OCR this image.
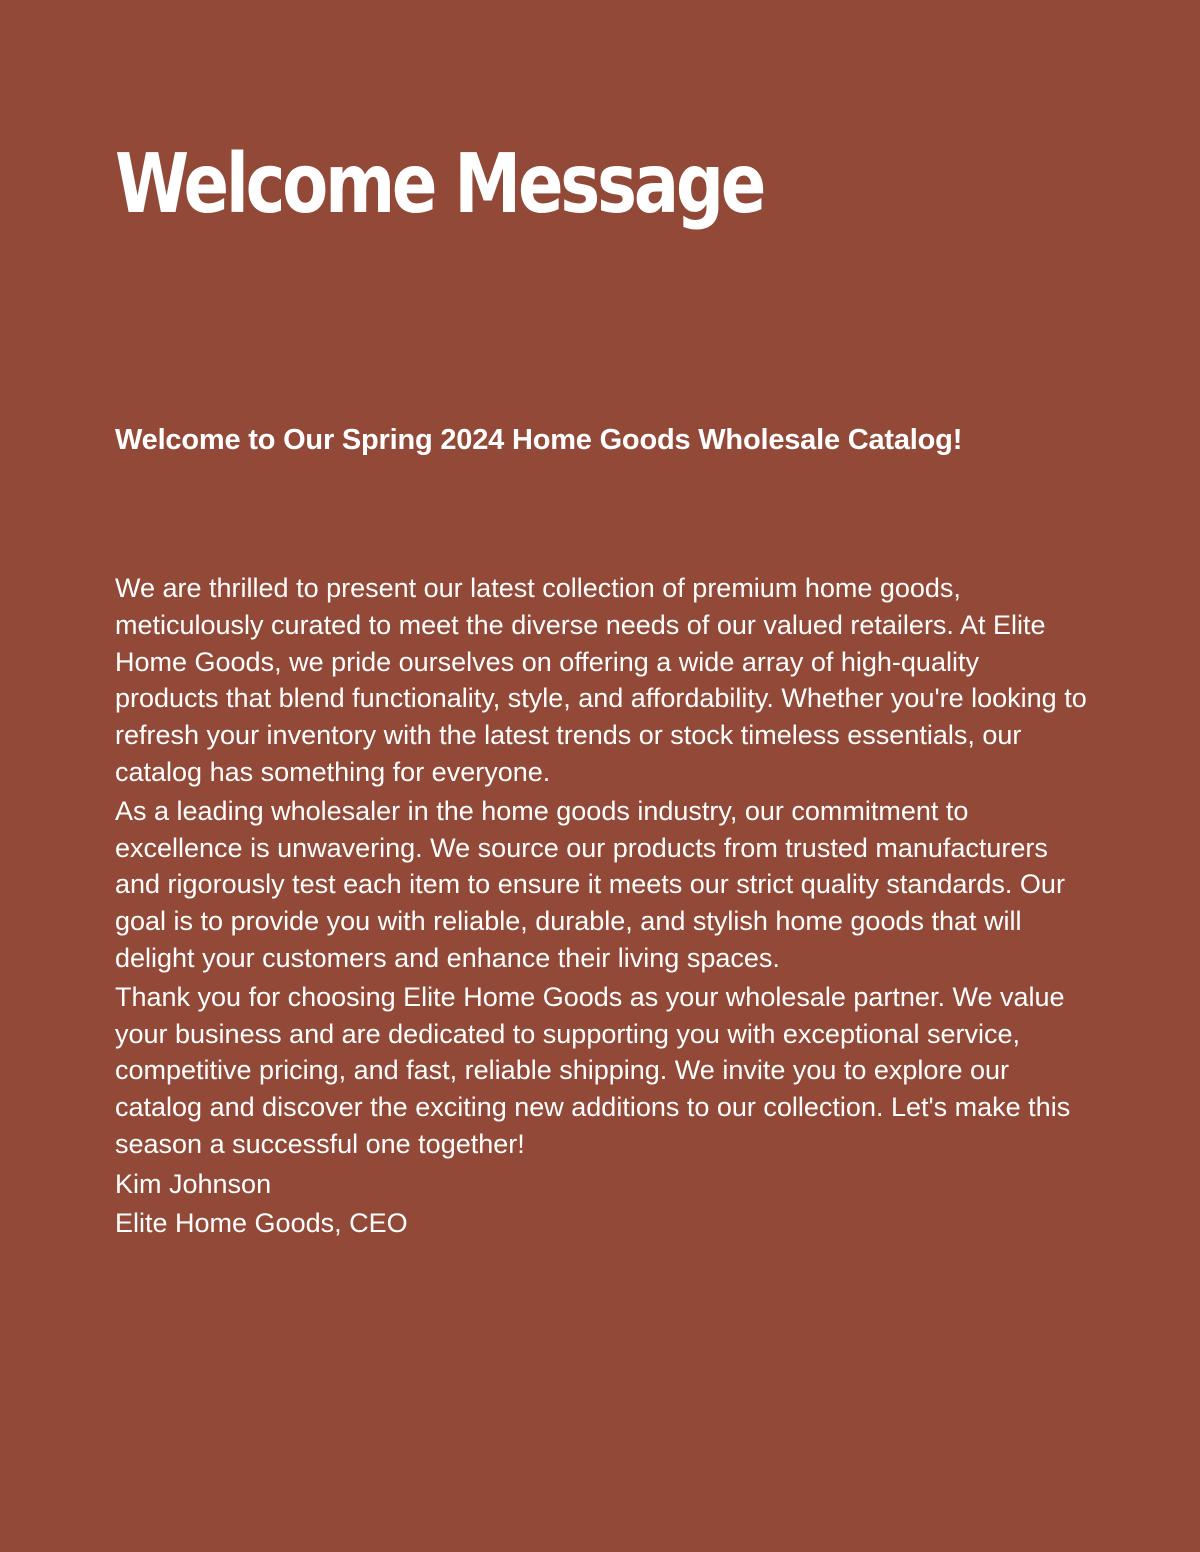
Welcome Message
Welcome to Our Spring 2024 Home Goods Wholesale Catalog!

We are thrilled to present our latest collection of premium home goods, meticulously curated to meet the diverse needs of our valued retailers. At Elite Home Goods, we pride ourselves on offering a wide array of high-quality products that blend functionality, style, and affordability. Whether you're looking to refresh your inventory with the latest trends or stock timeless essentials, our catalog has something for everyone.

As a leading wholesaler in the home goods industry, our commitment to excellence is unwavering. We source our products from trusted manufacturers and rigorously test each item to ensure it meets our strict quality standards. Our goal is to provide you with reliable, durable, and stylish home goods that will delight your customers and enhance their living spaces.

Thank you for choosing Elite Home Goods as your wholesale partner. We value your business and are dedicated to supporting you with exceptional service, competitive pricing, and fast, reliable shipping. We invite you to explore our catalog and discover the exciting new additions to our collection. Let's make this season a successful one together!

Kim Johnson
Elite Home Goods, CEO
